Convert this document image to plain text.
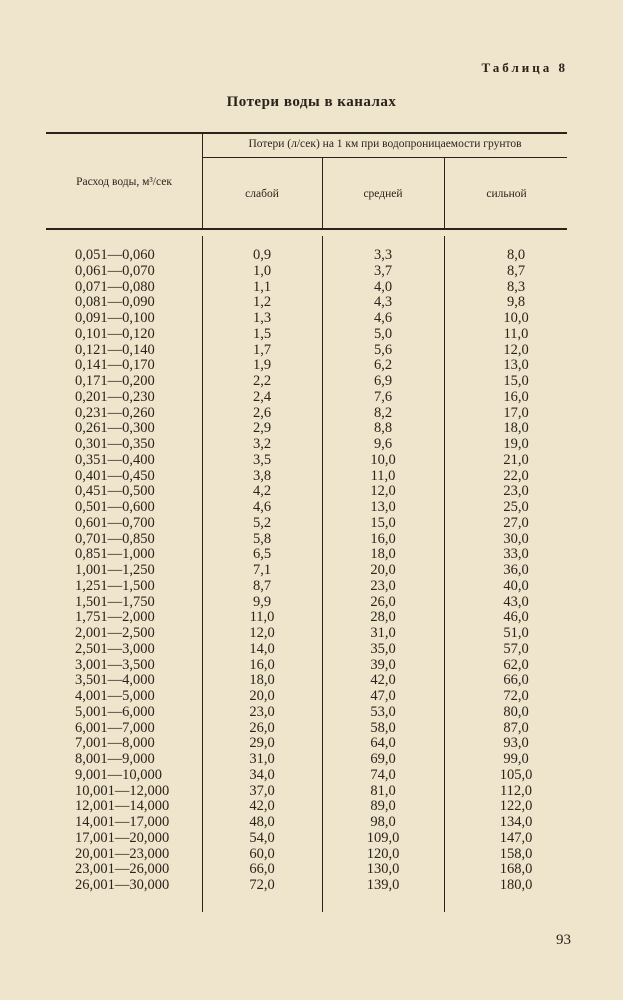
Таблица 8
Потери воды в каналах
Расход воды, м³/сек
Потери (л/сек) на 1 км при водопроницаемости грунтов
слабой	средней	сильной
0,051—0,060
0,061—0,070
0,071—0,080
0,081—0,090
0,091—0,100
0,101—0,120
0,121—0,140
0,141—0,170
0,171—0,200
0,201—0,230
0,231—0,260
0,261—0,300
0,301—0,350
0,351—0,400
0,401—0,450
0,451—0,500
0,501—0,600
0,601—0,700
0,701—0,850
0,851—1,000
1,001—1,250
1,251—1,500
1,501—1,750
1,751—2,000
2,001—2,500
2,501—3,000
3,001—3,500
3,501—4,000
4,001—5,000
5,001—6,000
6,001—7,000
7,001—8,000
8,001—9,000
9,001—10,000
10,001—12,000
12,001—14,000
14,001—17,000
17,001—20,000
20,001—23,000
23,001—26,000
26,001—30,000
0,9
1,0
1,1
1,2
1,3
1,5
1,7
1,9
2,2
2,4
2,6
2,9
3,2
3,5
3,8
4,2
4,6
5,2
5,8
6,5
7,1
8,7
9,9
11,0
12,0
14,0
16,0
18,0
20,0
23,0
26,0
29,0
31,0
34,0
37,0
42,0
48,0
54,0
60,0
66,0
72,0
3,3
3,7
4,0
4,3
4,6
5,0
5,6
6,2
6,9
7,6
8,2
8,8
9,6
10,0
11,0
12,0
13,0
15,0
16,0
18,0
20,0
23,0
26,0
28,0
31,0
35,0
39,0
42,0
47,0
53,0
58,0
64,0
69,0
74,0
81,0
89,0
98,0
109,0
120,0
130,0
139,0
8,0
8,7
8,3
9,8
10,0
11,0
12,0
13,0
15,0
16,0
17,0
18,0
19,0
21,0
22,0
23,0
25,0
27,0
30,0
33,0
36,0
40,0
43,0
46,0
51,0
57,0
62,0
66,0
72,0
80,0
87,0
93,0
99,0
105,0
112,0
122,0
134,0
147,0
158,0
168,0
180,0
93
